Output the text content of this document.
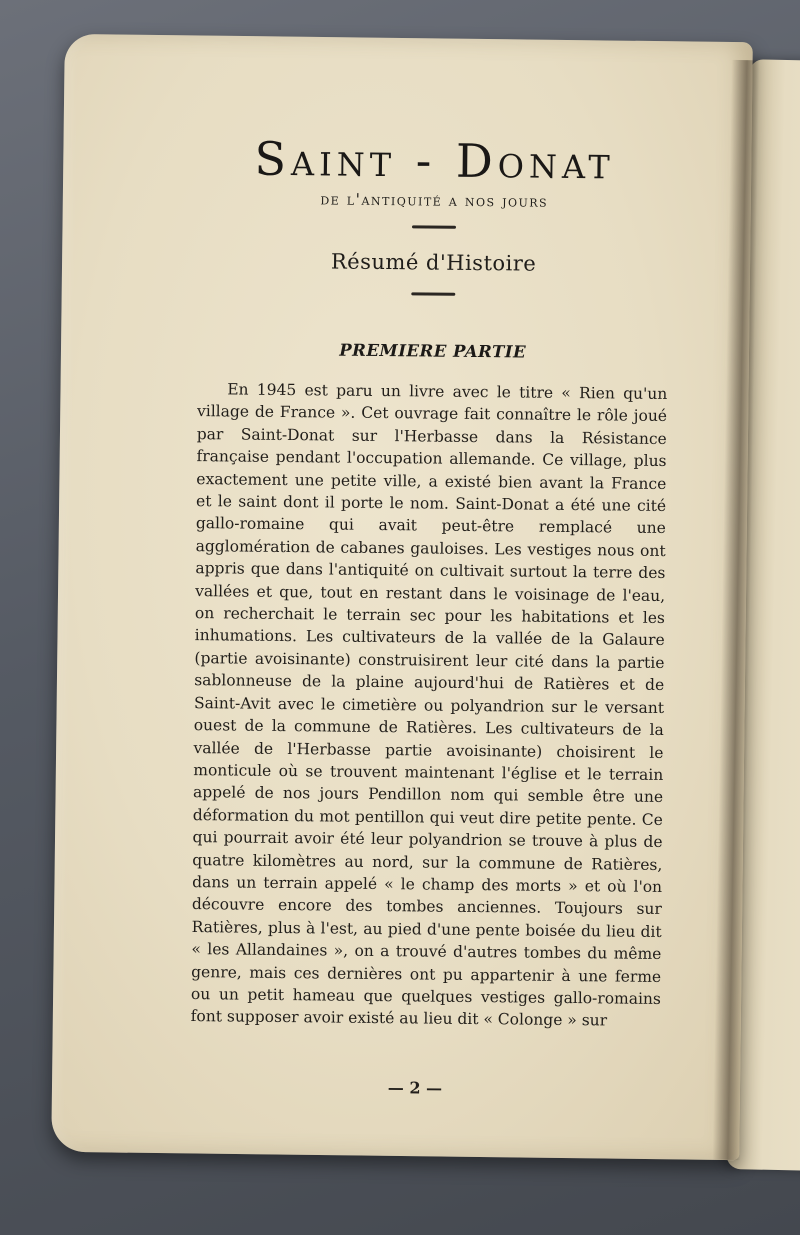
Saint - Donat
de l'antiquité a nos jours
Résumé d'Histoire
PREMIERE PARTIE

En 1945 est paru un livre avec le titre « Rien qu'un village de France ». Cet ouvrage fait connaître le rôle joué par Saint-Donat sur l'Herbasse dans la Résistance française pendant l'occupation allemande. Ce village, plus exactement une petite ville, a existé bien avant la France et le saint dont il porte le nom. Saint-Donat a été une cité gallo-romaine qui avait peut-être remplacé une agglomération de cabanes gauloises. Les vestiges nous ont appris que dans l'antiquité on cultivait surtout la terre des vallées et que, tout en restant dans le voisinage de l'eau, on recherchait le terrain sec pour les habitations et les inhumations. Les cultivateurs de la vallée de la Galaure (partie avoisinante) construisirent leur cité dans la partie sablonneuse de la plaine aujourd'hui de Ratières et de Saint-Avit avec le cimetière ou polyandrion sur le versant ouest de la commune de Ratières. Les cultivateurs de la vallée de l'Herbasse partie avoisinante) choisirent le monticule où se trouvent maintenant l'église et le terrain appelé de nos jours Pendillon nom qui semble être une déformation du mot pentillon qui veut dire petite pente. Ce qui pourrait avoir été leur polyandrion se trouve à plus de quatre kilomètres au nord, sur la commune de Ratières, dans un terrain appelé « le champ des morts » et où l'on découvre encore des tombes anciennes. Toujours sur Ratières, plus à l'est, au pied d'une pente boisée du lieu dit « les Allandaines », on a trouvé d'autres tombes du même genre, mais ces dernières ont pu appartenir à une ferme ou un petit hameau que quelques vestiges gallo-romains font supposer avoir existé au lieu dit « Colonge » sur

— 2 —
